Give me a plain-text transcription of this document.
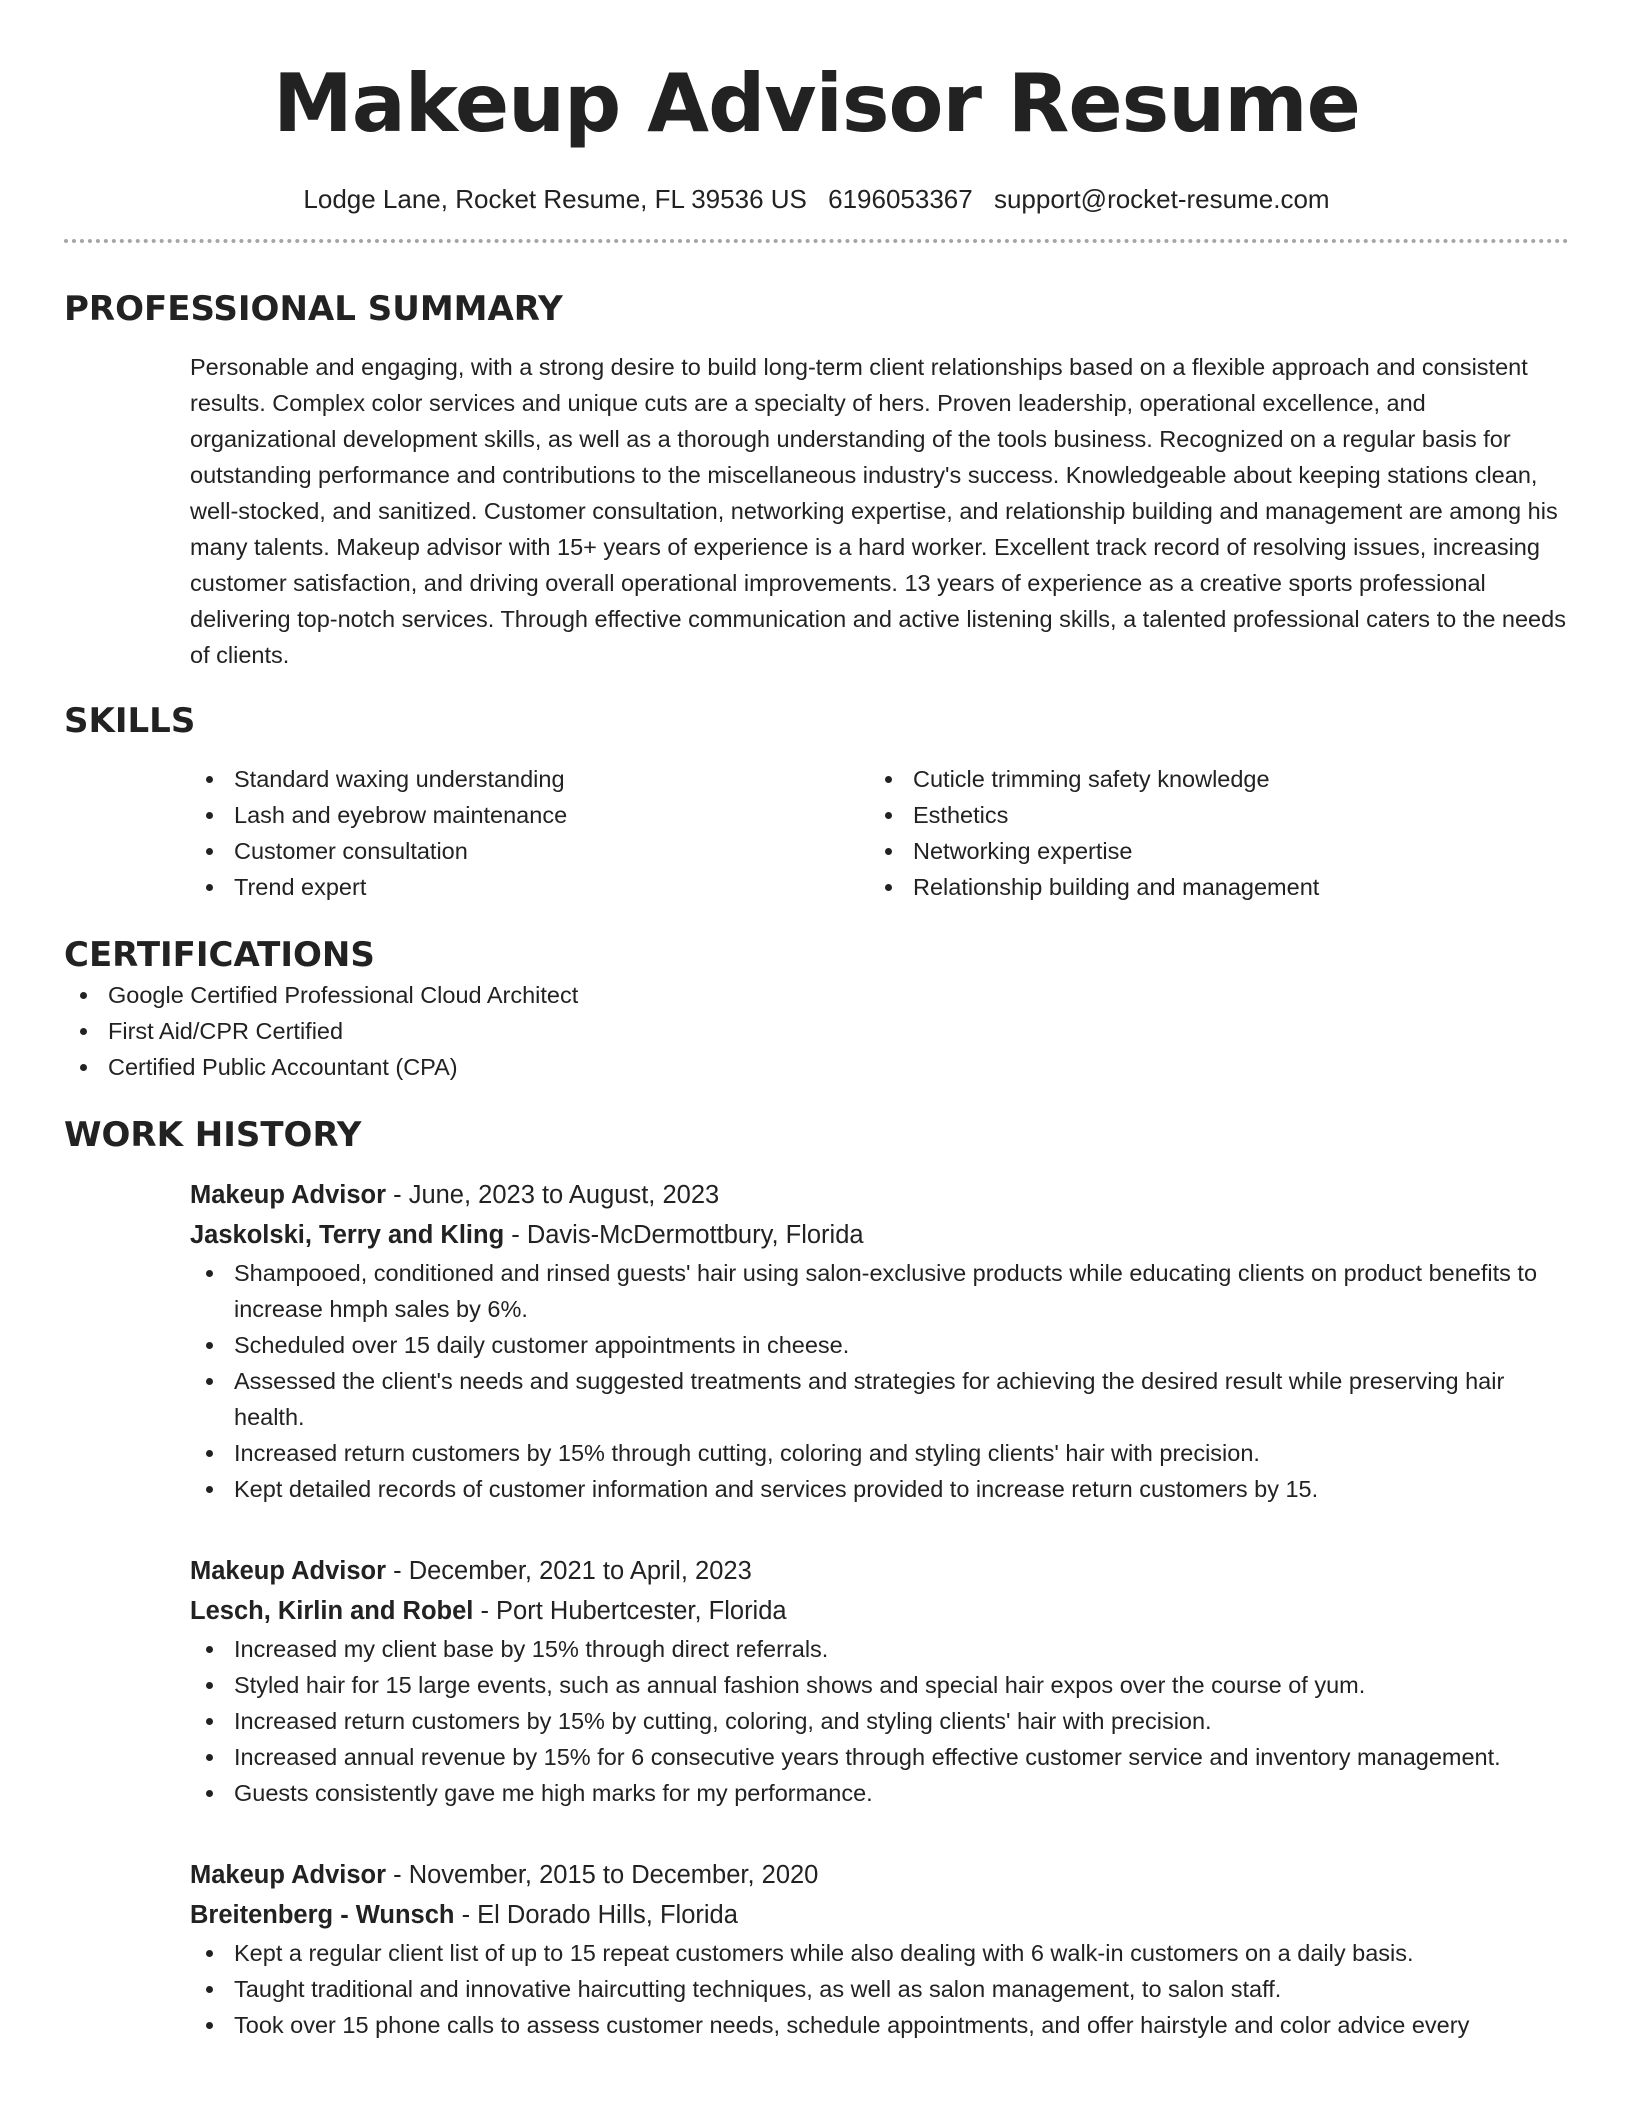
Makeup Advisor Resume
Lodge Lane, Rocket Resume, FL 39536 US 6196053367 support@rocket-resume.com
PROFESSIONAL SUMMARY
Personable and engaging, with a strong desire to build long-term client relationships based on a flexible approach and consistent results. Complex color services and unique cuts are a specialty of hers. Proven leadership, operational excellence, and organizational development skills, as well as a thorough understanding of the tools business. Recognized on a regular basis for outstanding performance and contributions to the miscellaneous industry's success. Knowledgeable about keeping stations clean, well-stocked, and sanitized. Customer consultation, networking expertise, and relationship building and management are among his many talents. Makeup advisor with 15+ years of experience is a hard worker. Excellent track record of resolving issues, increasing customer satisfaction, and driving overall operational improvements. 13 years of experience as a creative sports professional delivering top-notch services. Through effective communication and active listening skills, a talented professional caters to the needs of clients.
SKILLS
Standard waxing understanding
Lash and eyebrow maintenance
Customer consultation
Trend expert
Cuticle trimming safety knowledge
Esthetics
Networking expertise
Relationship building and management
CERTIFICATIONS
Google Certified Professional Cloud Architect
First Aid/CPR Certified
Certified Public Accountant (CPA)
WORK HISTORY
Makeup Advisor - June, 2023 to August, 2023
Jaskolski, Terry and Kling - Davis-McDermottbury, Florida
Shampooed, conditioned and rinsed guests' hair using salon-exclusive products while educating clients on product benefits to increase hmph sales by 6%.
Scheduled over 15 daily customer appointments in cheese.
Assessed the client's needs and suggested treatments and strategies for achieving the desired result while preserving hair health.
Increased return customers by 15% through cutting, coloring and styling clients' hair with precision.
Kept detailed records of customer information and services provided to increase return customers by 15.
Makeup Advisor - December, 2021 to April, 2023
Lesch, Kirlin and Robel - Port Hubertcester, Florida
Increased my client base by 15% through direct referrals.
Styled hair for 15 large events, such as annual fashion shows and special hair expos over the course of yum.
Increased return customers by 15% by cutting, coloring, and styling clients' hair with precision.
Increased annual revenue by 15% for 6 consecutive years through effective customer service and inventory management.
Guests consistently gave me high marks for my performance.
Makeup Advisor - November, 2015 to December, 2020
Breitenberg - Wunsch - El Dorado Hills, Florida
Kept a regular client list of up to 15 repeat customers while also dealing with 6 walk-in customers on a daily basis.
Taught traditional and innovative haircutting techniques, as well as salon management, to salon staff.
Took over 15 phone calls to assess customer needs, schedule appointments, and offer hairstyle and color advice every
